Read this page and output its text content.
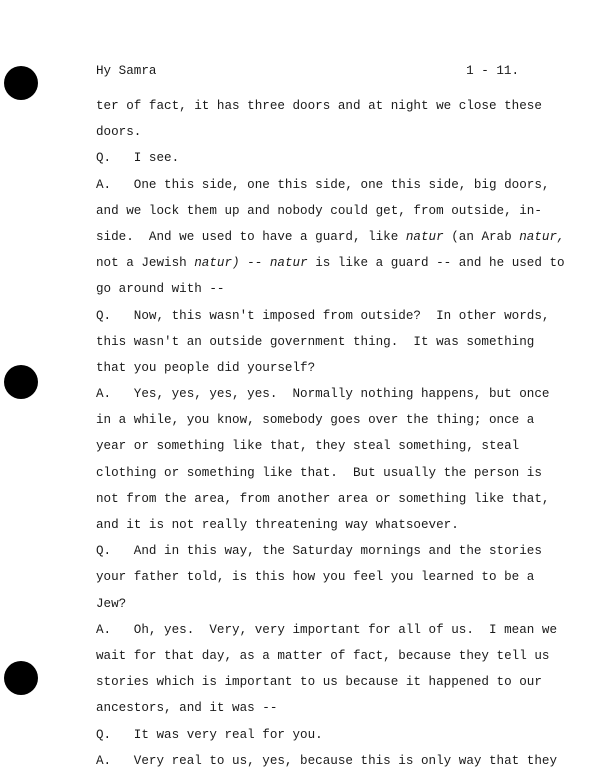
Hy Samra	1 - 11.
ter of fact, it has three doors and at night we close these
doors.
Q.   I see.
A.   One this side, one this side, one this side, big doors,
and we lock them up and nobody could get, from outside, in-
side.  And we used to have a guard, like natur (an Arab natur,
not a Jewish natur) -- natur is like a guard -- and he used to
go around with --
Q.   Now, this wasn't imposed from outside?  In other words,
this wasn't an outside government thing.  It was something
that you people did yourself?
A.   Yes, yes, yes, yes.  Normally nothing happens, but once
in a while, you know, somebody goes over the thing; once a
year or something like that, they steal something, steal
clothing or something like that.  But usually the person is
not from the area, from another area or something like that,
and it is not really threatening way whatsoever.
Q.   And in this way, the Saturday mornings and the stories
your father told, is this how you feel you learned to be a
Jew?
A.   Oh, yes.  Very, very important for all of us.  I mean we
wait for that day, as a matter of fact, because they tell us
stories which is important to us because it happened to our
ancestors, and it was --
Q.   It was very real for you.
A.   Very real to us, yes, because this is only way that they
